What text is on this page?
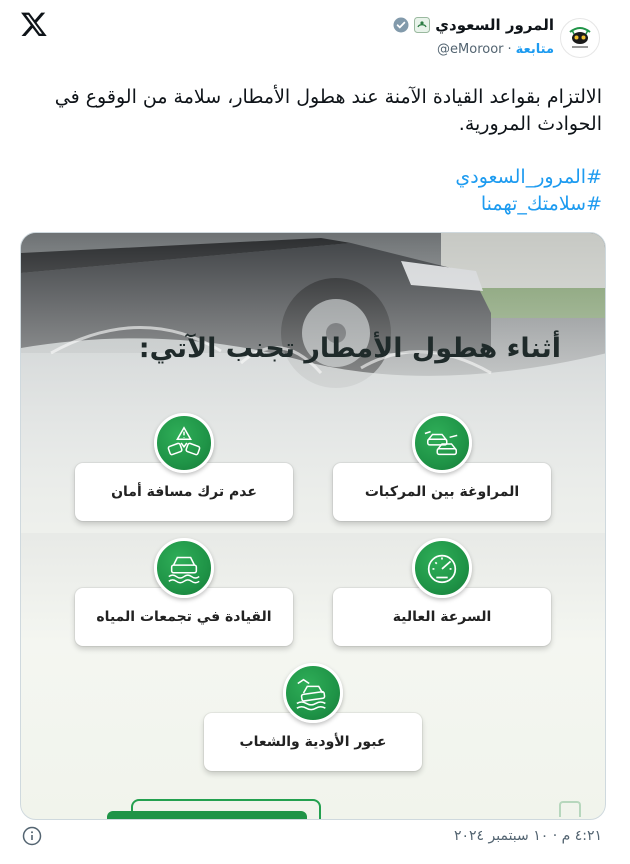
المرور السعودي
متابعة
·
@eMoroor
الالتزام بقواعد القيادة الآمنة عند هطول الأمطار، سلامة من الوقوع في الحوادث المرورية.
#المرور_السعودي
#سلامتك_تهمنا
أثناء هطول الأمطار تجنب الآتي:
المراوغة بين المركبات
عدم ترك مسافة أمان
السرعة العالية
القيادة في تجمعات المياه
عبور الأودية والشعاب
٤:٢١ م · ١٠ سبتمبر ٢٠٢٤
